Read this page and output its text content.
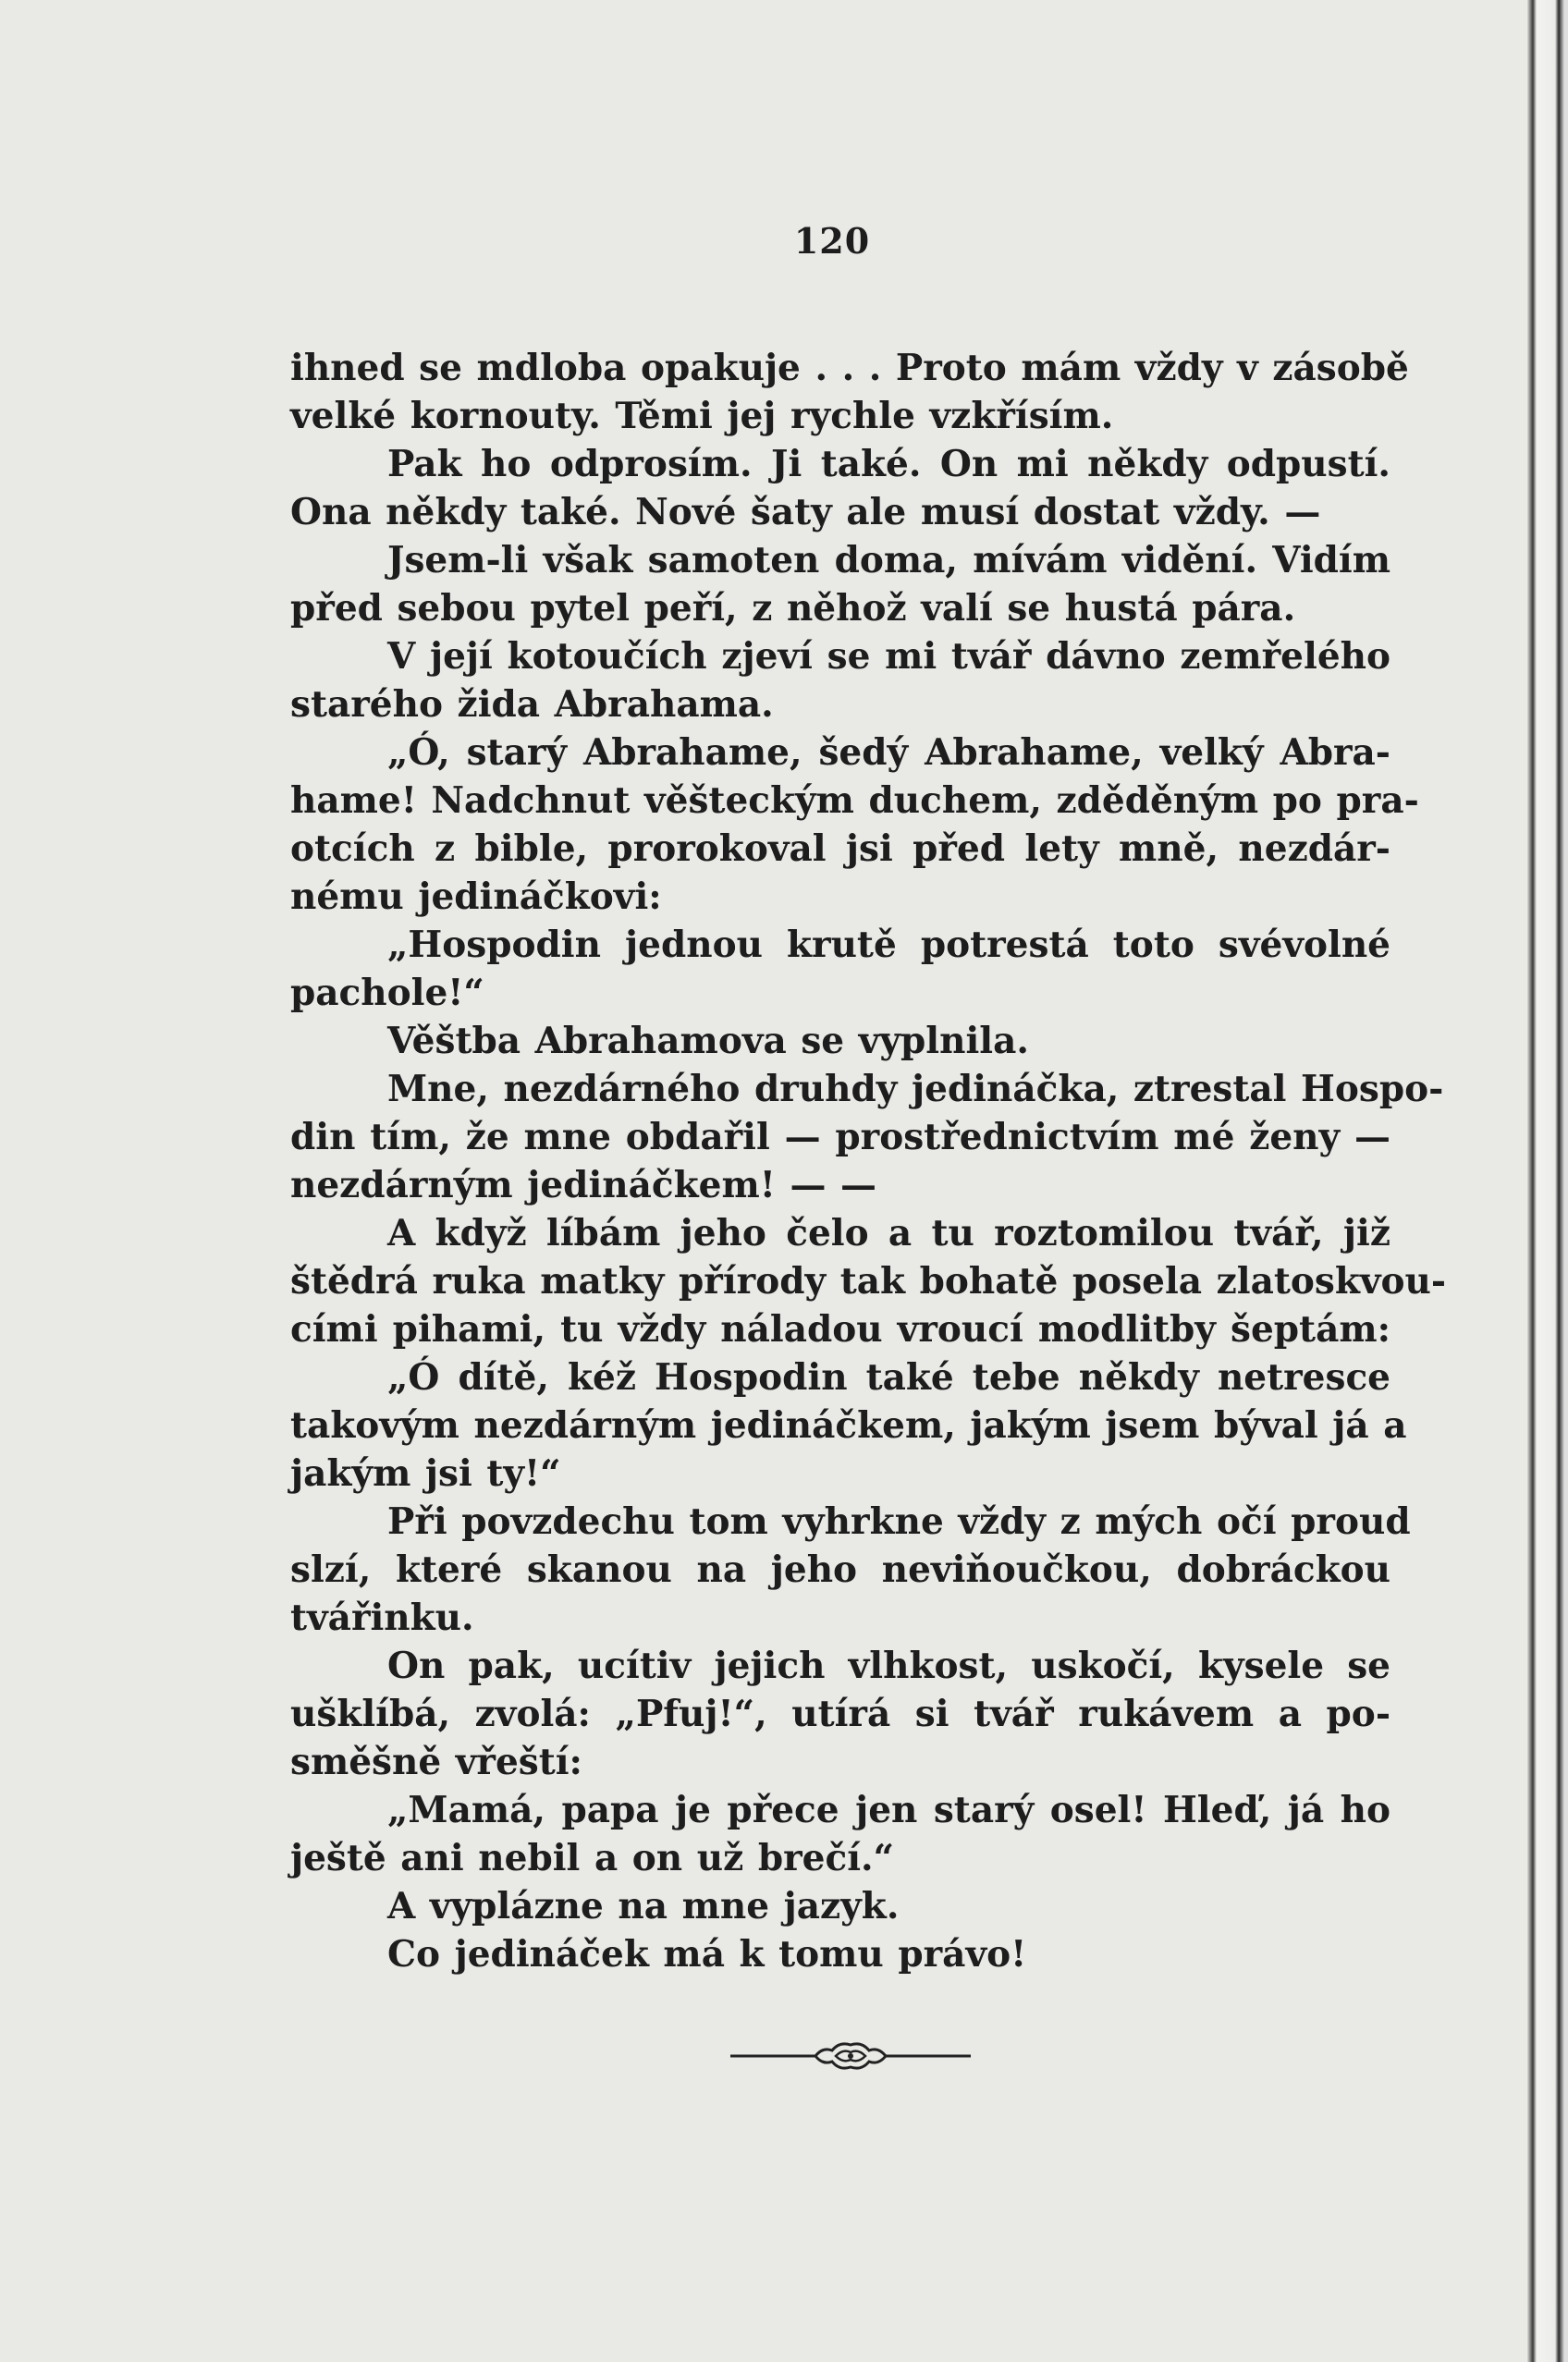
120
ihned se mdloba opakuje . . . Proto mám vždy v zásobě
velké kornouty. Těmi jej rychle vzkřísím.
Pak ho odprosím. Ji také. On mi někdy odpustí.
Ona někdy také. Nové šaty ale musí dostat vždy. —
Jsem-li však samoten doma, mívám vidění. Vidím
před sebou pytel peří, z něhož valí se hustá pára.
V její kotoučích zjeví se mi tvář dávno zemřelého
starého žida Abrahama.
„Ó, starý Abrahame, šedý Abrahame, velký Abra-
hame! Nadchnut věšteckým duchem, zděděným po pra-
otcích z bible, prorokoval jsi před lety mně, nezdár-
nému jedináčkovi:
„Hospodin jednou krutě potrestá toto svévolné
pachole!“
Věštba Abrahamova se vyplnila.
Mne, nezdárného druhdy jedináčka, ztrestal Hospo-
din tím, že mne obdařil — prostřednictvím mé ženy —
nezdárným jedináčkem! — —
A když líbám jeho čelo a tu roztomilou tvář, již
štědrá ruka matky přírody tak bohatě posela zlatoskvou-
cími pihami, tu vždy náladou vroucí modlitby šeptám:
„Ó dítě, kéž Hospodin také tebe někdy netresce
takovým nezdárným jedináčkem, jakým jsem býval já a
jakým jsi ty!“
Při povzdechu tom vyhrkne vždy z mých očí proud
slzí, které skanou na jeho neviňoučkou, dobráckou
tvářinku.
On pak, ucítiv jejich vlhkost, uskočí, kysele se
ušklíbá, zvolá: „Pfuj!“, utírá si tvář rukávem a po-
směšně vřeští:
„Mamá, papa je přece jen starý osel! Hleď, já ho
ještě ani nebil a on už brečí.“
A vyplázne na mne jazyk.
Co jedináček má k tomu právo!
